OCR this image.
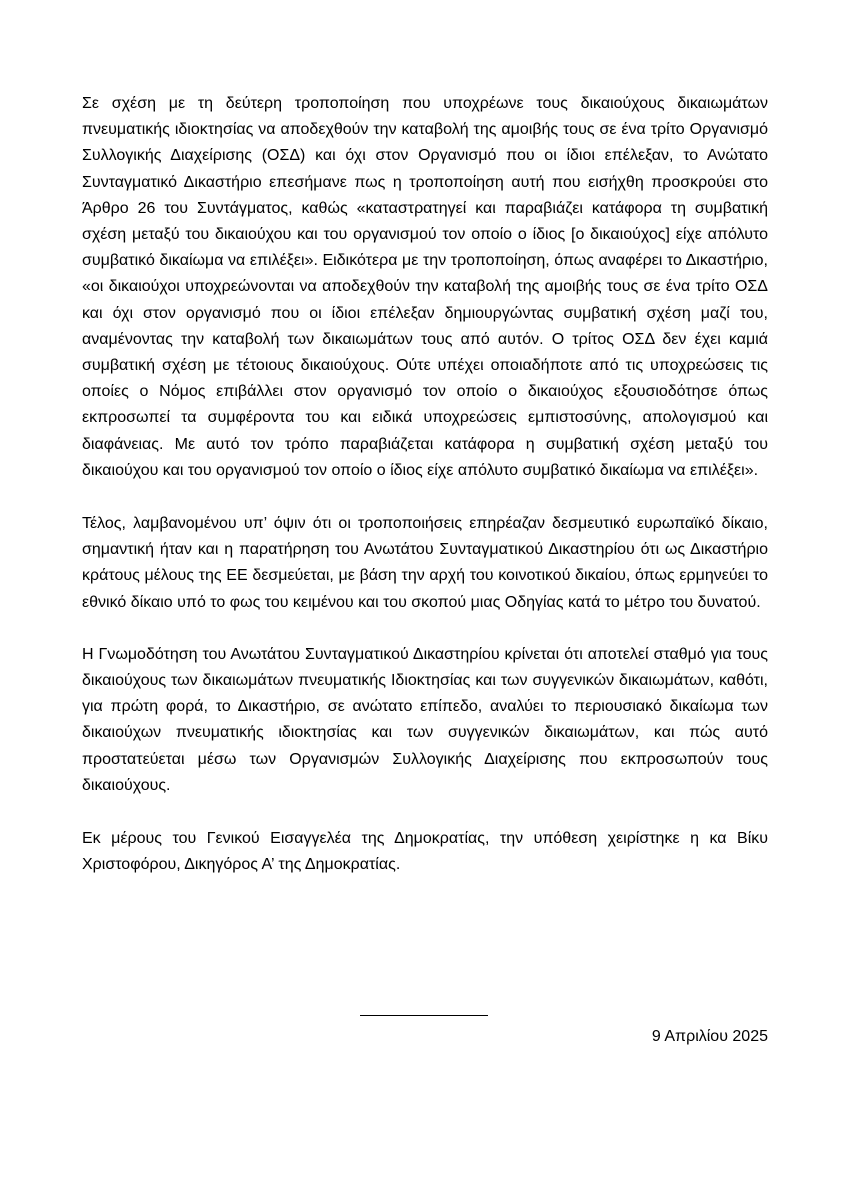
Σε σχέση με τη δεύτερη τροποποίηση που υποχρέωνε τους δικαιούχους δικαιωμάτων πνευματικής ιδιοκτησίας να αποδεχθούν την καταβολή της αμοιβής τους σε ένα τρίτο Οργανισμό Συλλογικής Διαχείρισης (ΟΣΔ) και όχι στον Οργανισμό που οι ίδιοι επέλεξαν, το Ανώτατο Συνταγματικό Δικαστήριο επεσήμανε πως η τροποποίηση αυτή που εισήχθη προσκρούει στο Άρθρο 26 του Συντάγματος, καθώς «καταστρατηγεί και παραβιάζει κατάφορα τη συμβατική σχέση μεταξύ του δικαιούχου και του οργανισμού τον οποίο ο ίδιος [ο δικαιούχος] είχε απόλυτο συμβατικό δικαίωμα να επιλέξει». Ειδικότερα με την τροποποίηση, όπως αναφέρει το Δικαστήριο, «οι δικαιούχοι υποχρεώνονται να αποδεχθούν την καταβολή της αμοιβής τους σε ένα τρίτο ΟΣΔ και όχι στον οργανισμό που οι ίδιοι επέλεξαν δημιουργώντας συμβατική σχέση μαζί του, αναμένοντας την καταβολή των δικαιωμάτων τους από αυτόν. Ο τρίτος ΟΣΔ δεν έχει καμιά συμβατική σχέση με τέτοιους δικαιούχους. Ούτε υπέχει οποιαδήποτε από τις υποχρεώσεις τις οποίες ο Νόμος επιβάλλει στον οργανισμό τον οποίο ο δικαιούχος εξουσιοδότησε όπως εκπροσωπεί τα συμφέροντα του και ειδικά υποχρεώσεις εμπιστοσύνης, απολογισμού και διαφάνειας. Με αυτό τον τρόπο παραβιάζεται κατάφορα η συμβατική σχέση μεταξύ του δικαιούχου και του οργανισμού τον οποίο ο ίδιος είχε απόλυτο συμβατικό δικαίωμα να επιλέξει».

Τέλος, λαμβανομένου υπ’ όψιν ότι οι τροποποιήσεις επηρέαζαν δεσμευτικό ευρωπαϊκό δίκαιο, σημαντική ήταν και η παρατήρηση του Ανωτάτου Συνταγματικού Δικαστηρίου ότι ως Δικαστήριο κράτους μέλους της ΕΕ δεσμεύεται, με βάση την αρχή του κοινοτικού δικαίου, όπως ερμηνεύει το εθνικό δίκαιο υπό το φως του κειμένου και του σκοπού μιας Οδηγίας κατά το μέτρο του δυνατού.

Η Γνωμοδότηση του Ανωτάτου Συνταγματικού Δικαστηρίου κρίνεται ότι αποτελεί σταθμό για τους δικαιούχους των δικαιωμάτων πνευματικής Ιδιοκτησίας και των συγγενικών δικαιωμάτων, καθότι, για πρώτη φορά, το Δικαστήριο, σε ανώτατο επίπεδο, αναλύει το περιουσιακό δικαίωμα των δικαιούχων πνευματικής ιδιοκτησίας και των συγγενικών δικαιωμάτων, και πώς αυτό προστατεύεται μέσω των Οργανισμών Συλλογικής Διαχείρισης που εκπροσωπούν τους δικαιούχους.

Εκ μέρους του Γενικού Εισαγγελέα της Δημοκρατίας, την υπόθεση χειρίστηκε η κα Βίκυ Χριστοφόρου, Δικηγόρος Α’ της Δημοκρατίας.

9 Απριλίου 2025
